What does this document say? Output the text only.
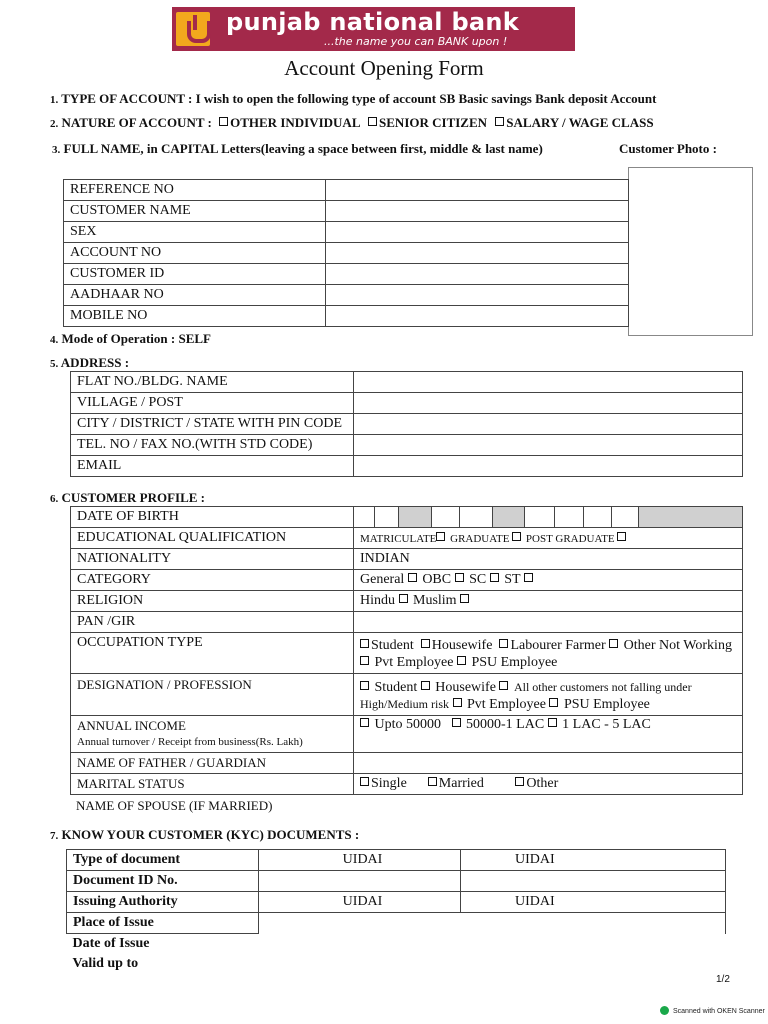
punjab national bank
...the name you can BANK upon !
Account Opening Form
1. TYPE OF ACCOUNT : I wish to open the following type of account SB Basic savings Bank deposit Account
2. NATURE OF ACCOUNT : OTHER INDIVIDUAL SENIOR CITIZEN SALARY / WAGE CLASS
3. FULL NAME, in CAPITAL Letters(leaving a space between first, middle & last name)	Customer Photo :
REFERENCE NO	
CUSTOMER NAME	
SEX	
ACCOUNT NO	
CUSTOMER ID	
AADHAAR NO	
MOBILE NO	
4. Mode of Operation : SELF
5. ADDRESS :
FLAT NO./BLDG. NAME	
VILLAGE / POST	
CITY / DISTRICT / STATE WITH PIN CODE	
TEL. NO / FAX NO.(WITH STD CODE)	
EMAIL	
6. CUSTOMER PROFILE :
DATE OF BIRTH	

EDUCATIONAL QUALIFICATION	MATRICULATE GRADUATE POST GRADUATE
NATIONALITY	INDIAN
CATEGORY	General OBC SC ST
RELIGION	Hindu Muslim
PAN /GIR	
OCCUPATION TYPE	Student Housewife Labourer Farmer Other Not Working  Pvt Employee PSU Employee
DESIGNATION / PROFESSION	Student Housewife All other customers not falling under High/Medium risk Pvt Employee PSU Employee

ANNUAL INCOME
Annual turnover / Receipt from business(Rs. Lakh)	Upto 50000 50000-1 LAC 1 LAC - 5 LAC
NAME OF FATHER / GUARDIAN	
MARITAL STATUS	Single Married Other
NAME OF SPOUSE (IF MARRIED)
7. KNOW YOUR CUSTOMER (KYC) DOCUMENTS :
Type of document	UIDAI	UIDAI
Document ID No.		
Issuing Authority	UIDAI	UIDAI
Place of Issue		
Date of Issue		
Valid up to		
1/2
Scanned with OKEN Scanner
